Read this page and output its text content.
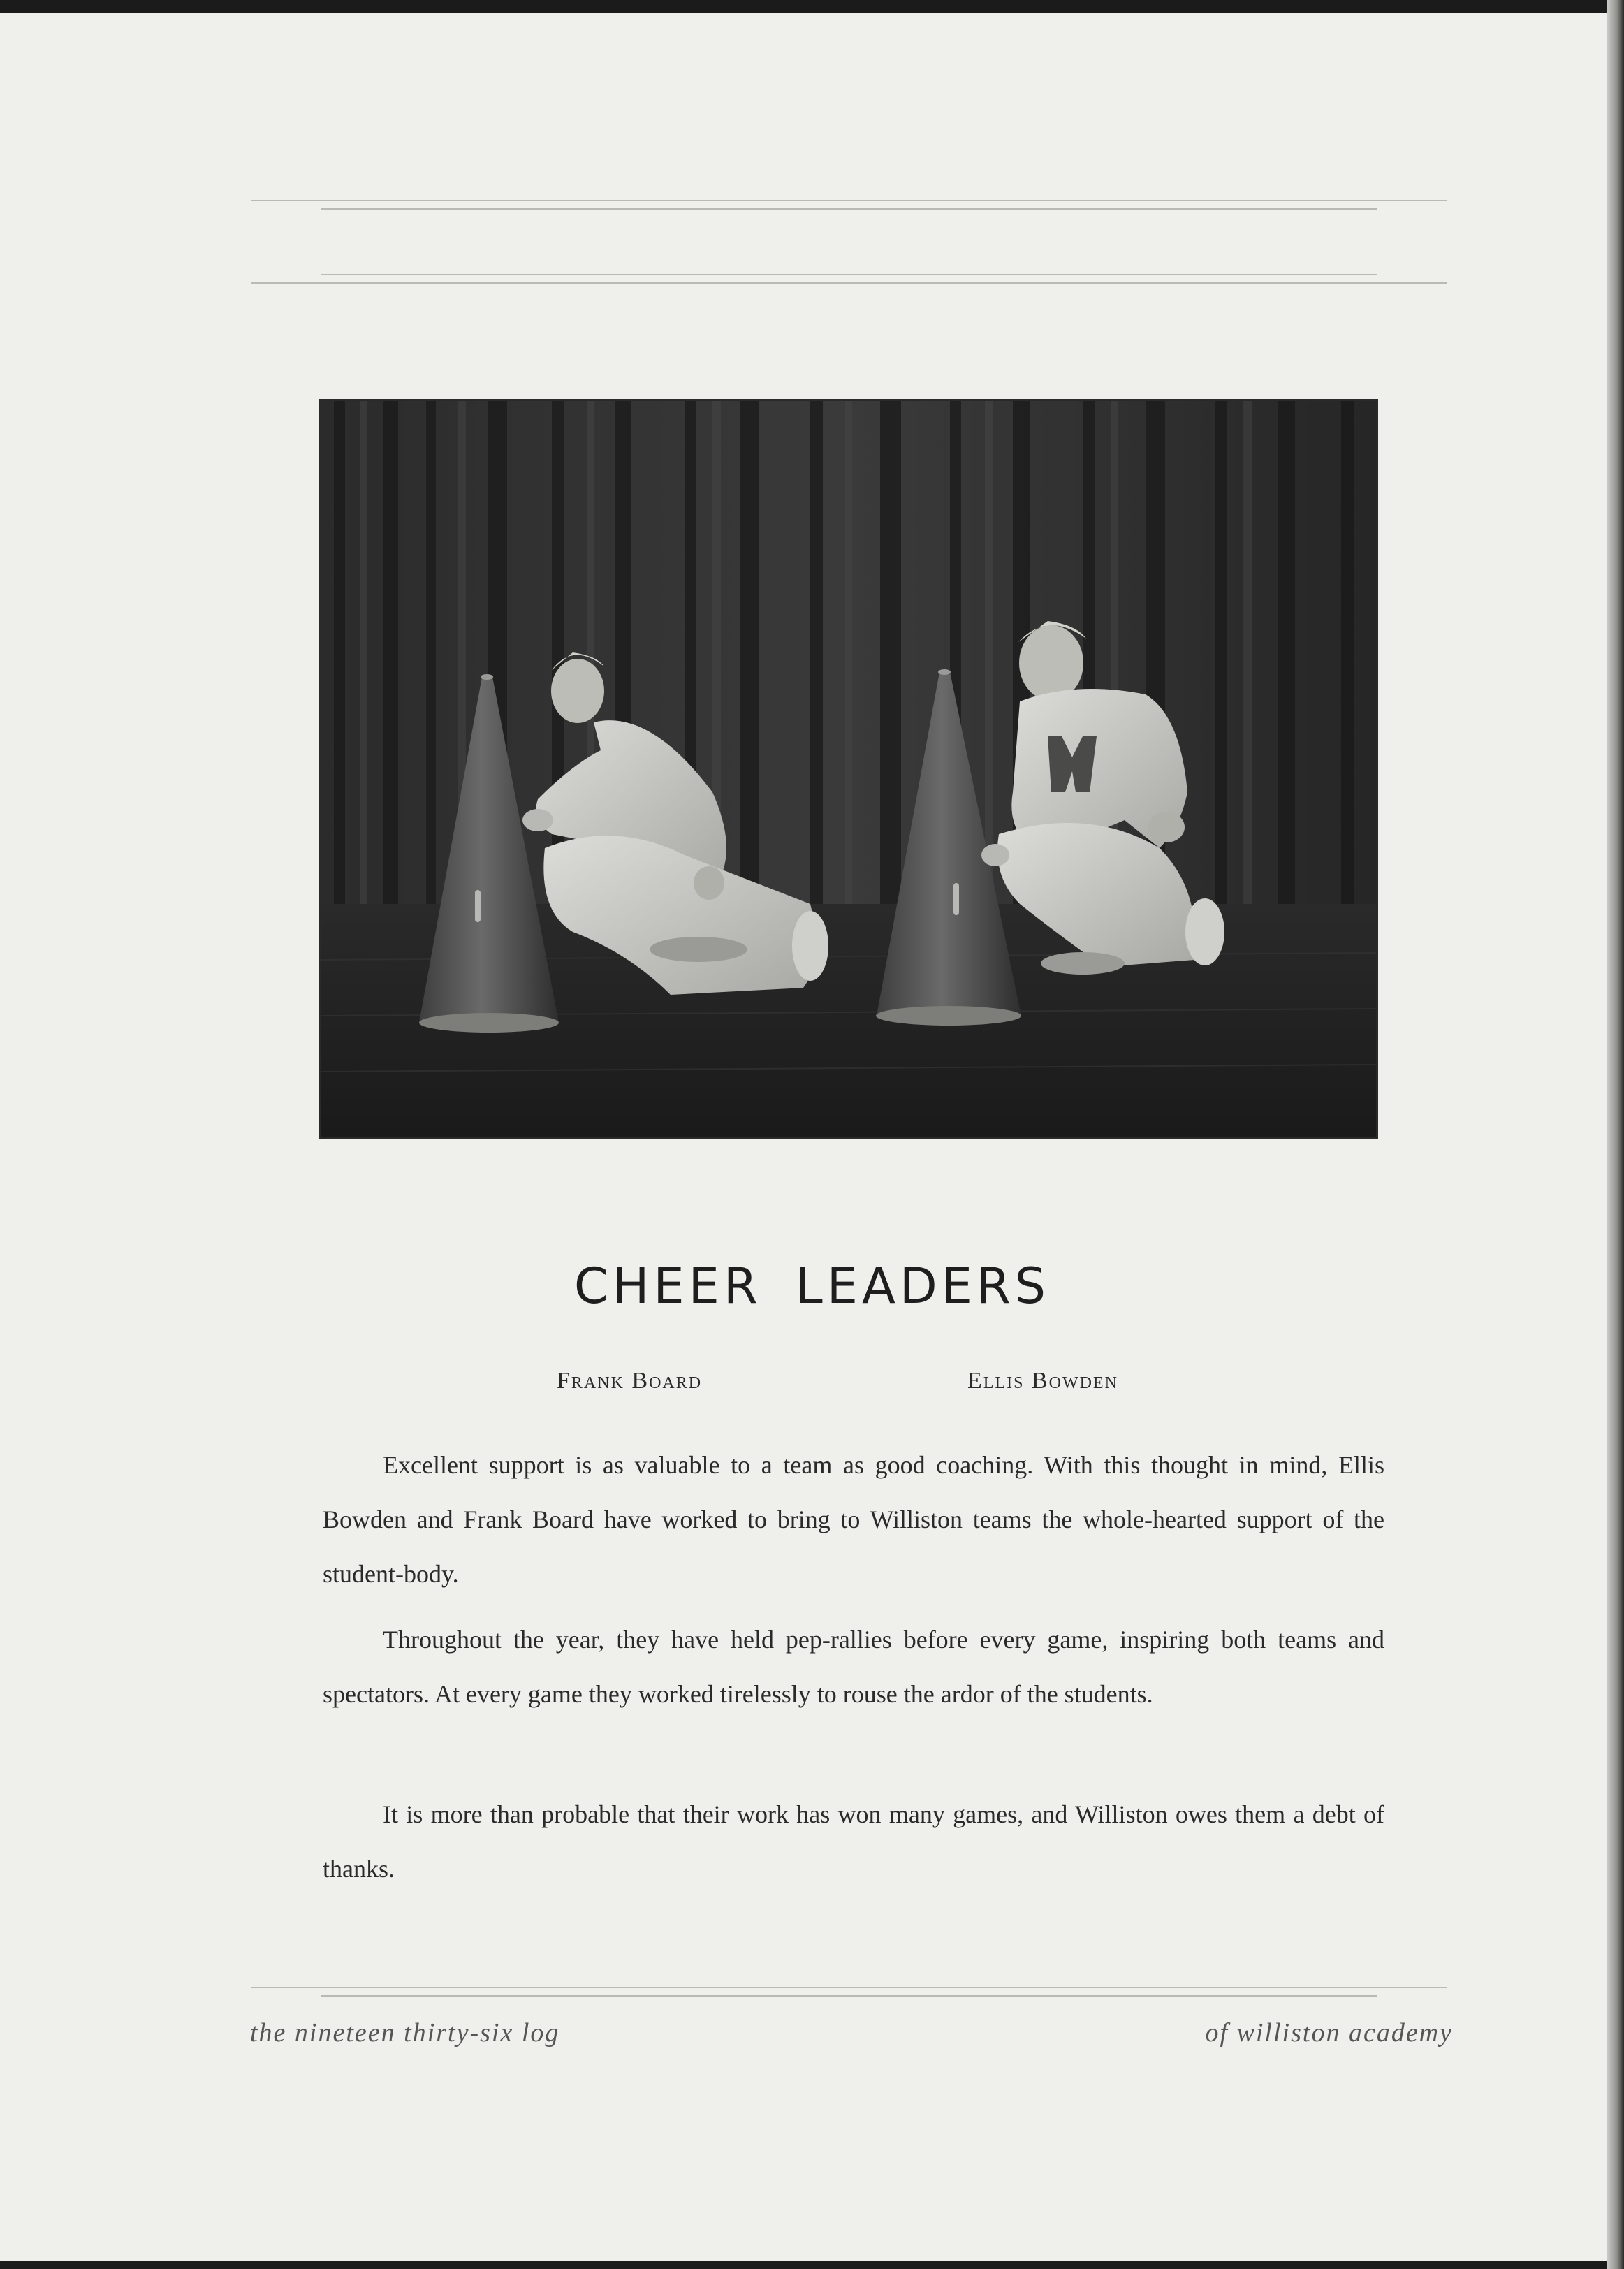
CHEER LEADERS
Frank Board	Ellis Bowden

Excellent support is as valuable to a team as good coaching. With this thought in mind, Ellis Bowden and Frank Board have worked to bring to Williston teams the whole-hearted support of the student-body.

Throughout the year, they have held pep-rallies before every game, inspiring both teams and spectators. At every game they worked tirelessly to rouse the ardor of the students.

It is more than probable that their work has won many games, and Williston owes them a debt of thanks.

the nineteen thirty-six log	of williston academy
